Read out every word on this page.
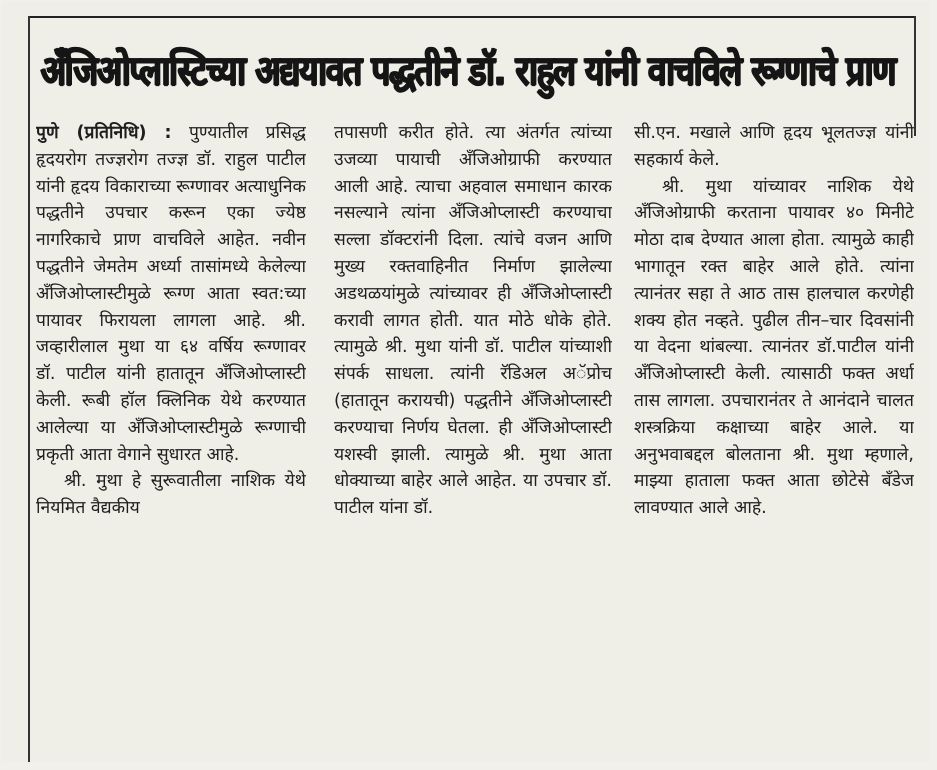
अँजिओप्लास्टिच्या अद्ययावत पद्धतीने डॉ. राहुल यांनी वाचविले रूग्णाचे प्राण

पुणे (प्रतिनिधि) : पुण्यातील प्रसिद्ध हृदयरोग तज्ज्ञरोग तज्ज्ञ डॉ. राहुल पाटील यांनी हृदय विकाराच्या रूग्णावर अत्याधुनिक पद्धतीने उपचार करून एका ज्येष्ठ नागरिकाचे प्राण वाचविले आहेत. नवीन पद्धतीने जेमतेम अर्ध्या तासांमध्ये केलेल्या अँजिओप्लास्टीमुळे रूग्ण आता स्वत:च्या पायावर फिरायला लागला आहे. श्री. जव्हारीलाल मुथा या ६४ वर्षिय रूग्णावर डॉ. पाटील यांनी हातातून अँजिओप्लास्टी केली. रूबी हॉल क्लिनिक येथे करण्यात आलेल्या या अँजिओप्लास्टीमुळे रूग्णाची प्रकृती आता वेगाने सुधारत आहे.

श्री. मुथा हे सुरूवातीला नाशिक येथे नियमित वैद्यकीय

तपासणी करीत होते. त्या अंतर्गत त्यांच्या उजव्या पायाची अँजिओग्राफी करण्यात आली आहे. त्याचा अहवाल समाधान कारक नसल्याने त्यांना अँजिओप्लास्टी करण्याचा सल्ला डॉक्टरांनी दिला. त्यांचे वजन आणि मुख्य रक्तवाहिनीत निर्माण झालेल्या अडथळयांमुळे त्यांच्यावर ही अँजिओप्लास्टी करावी लागत होती. यात मोठे धोके होते. त्यामुळे श्री. मुथा यांनी डॉ. पाटील यांच्याशी संपर्क साधला. त्यांनी रॅडिअल अॅप्रोच (हातातून करायची) पद्धतीने अँजिओप्लास्टी करण्याचा निर्णय घेतला. ही अँजिओप्लास्टी यशस्वी झाली. त्यामुळे श्री. मुथा आता धोक्याच्या बाहेर आले आहेत. या उपचार डॉ. पाटील यांना डॉ.

सी.एन. मखाले आणि हृदय भूलतज्ज्ञ यांनी सहकार्य केले.

श्री. मुथा यांच्यावर नाशिक येथे अँजिओग्राफी करताना पायावर ४० मिनीटे मोठा दाब देण्यात आला होता. त्यामुळे काही भागातून रक्त बाहेर आले होते. त्यांना त्यानंतर सहा ते आठ तास हालचाल करणेही शक्य होत नव्हते. पुढील तीन–चार दिवसांनी या वेदना थांबल्या. त्यानंतर डॉ.पाटील यांनी अँजिओप्लास्टी केली. त्यासाठी फक्त अर्धा तास लागला. उपचारानंतर ते आनंदाने चालत शस्त्रक्रिया कक्षाच्या बाहेर आले. या अनुभवाबद्दल बोलताना श्री. मुथा म्हणाले, माझ्या हाताला फक्त आता छोटेसे बँडेज लावण्यात आले आहे.
